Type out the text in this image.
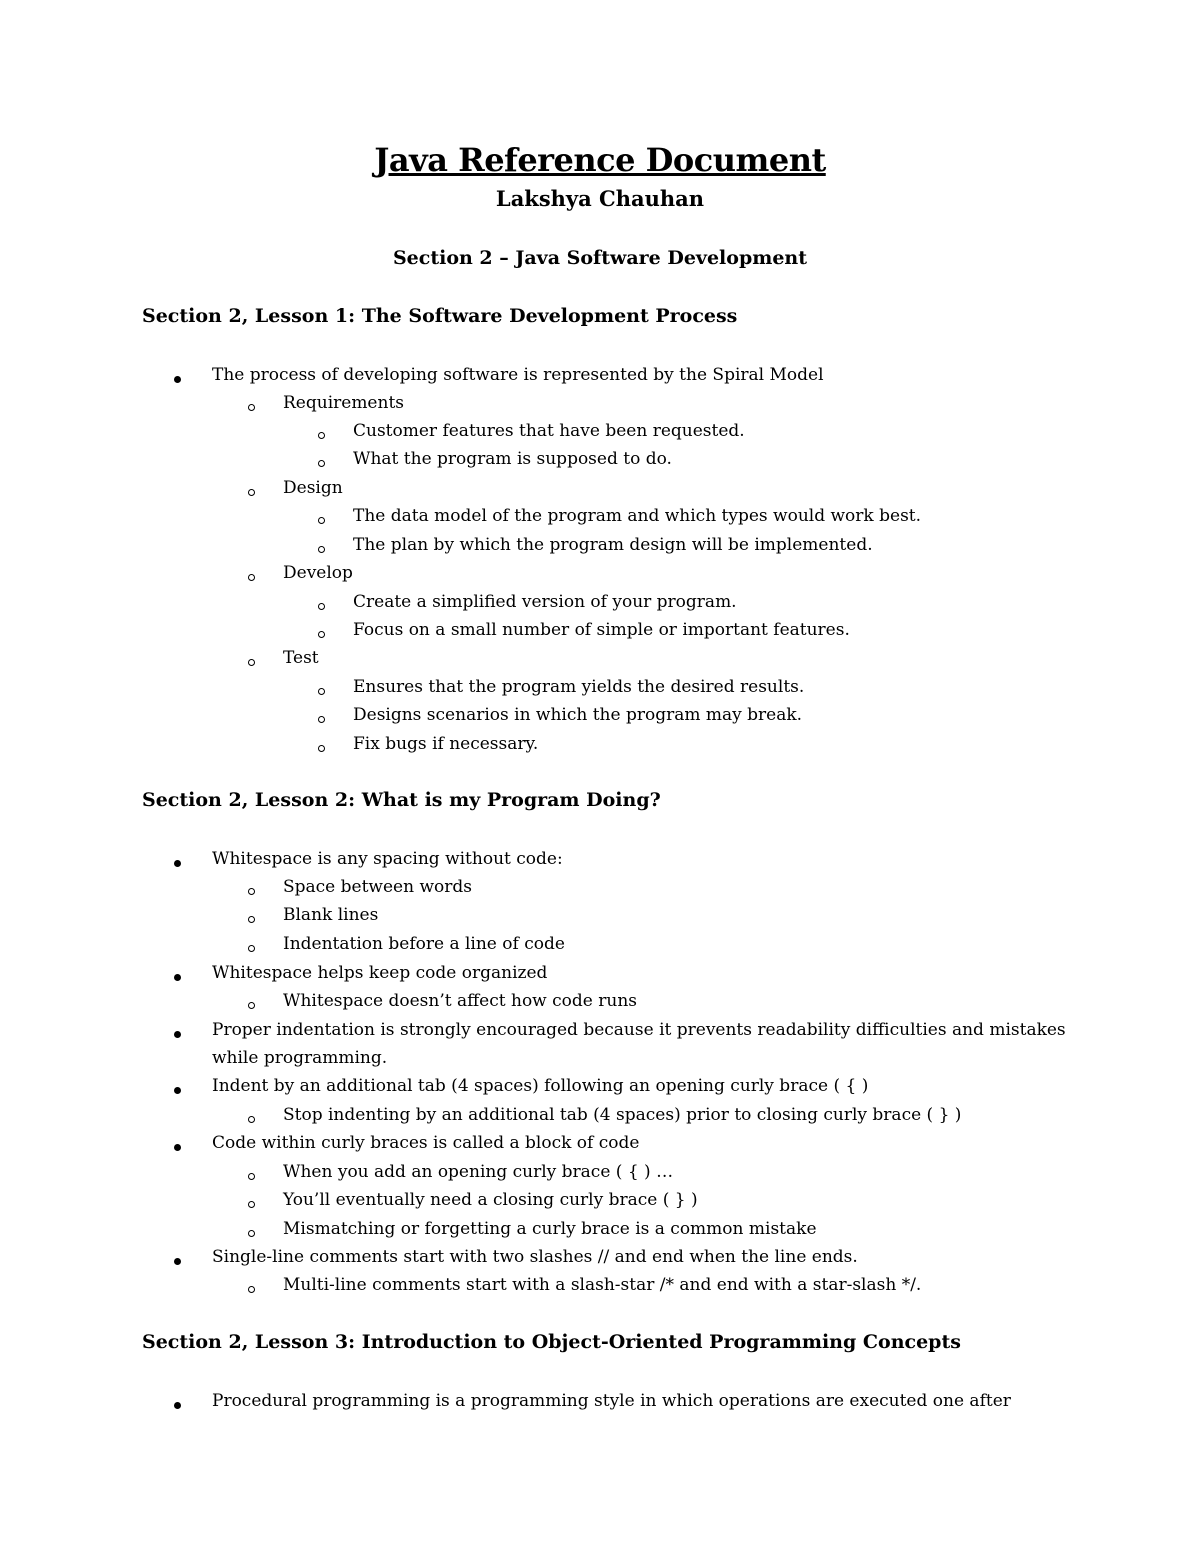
Java Reference Document
Lakshya Chauhan
Section 2 – Java Software Development
Section 2, Lesson 1: The Software Development Process
The process of developing software is represented by the Spiral Model
Requirements
Customer features that have been requested.
What the program is supposed to do.
Design
The data model of the program and which types would work best.
The plan by which the program design will be implemented.
Develop
Create a simplified version of your program.
Focus on a small number of simple or important features.
Test
Ensures that the program yields the desired results.
Designs scenarios in which the program may break.
Fix bugs if necessary.
Section 2, Lesson 2: What is my Program Doing?
Whitespace is any spacing without code:
Space between words
Blank lines
Indentation before a line of code
Whitespace helps keep code organized
Whitespace doesn’t affect how code runs
Proper indentation is strongly encouraged because it prevents readability difficulties and mistakes
while programming.
Indent by an additional tab (4 spaces) following an opening curly brace ( { )
Stop indenting by an additional tab (4 spaces) prior to closing curly brace ( } )
Code within curly braces is called a block of code
When you add an opening curly brace ( { ) …
You’ll eventually need a closing curly brace ( } )
Mismatching or forgetting a curly brace is a common mistake
Single-line comments start with two slashes // and end when the line ends.
Multi-line comments start with a slash-star /* and end with a star-slash */.
Section 2, Lesson 3: Introduction to Object-Oriented Programming Concepts
Procedural programming is a programming style in which operations are executed one after
